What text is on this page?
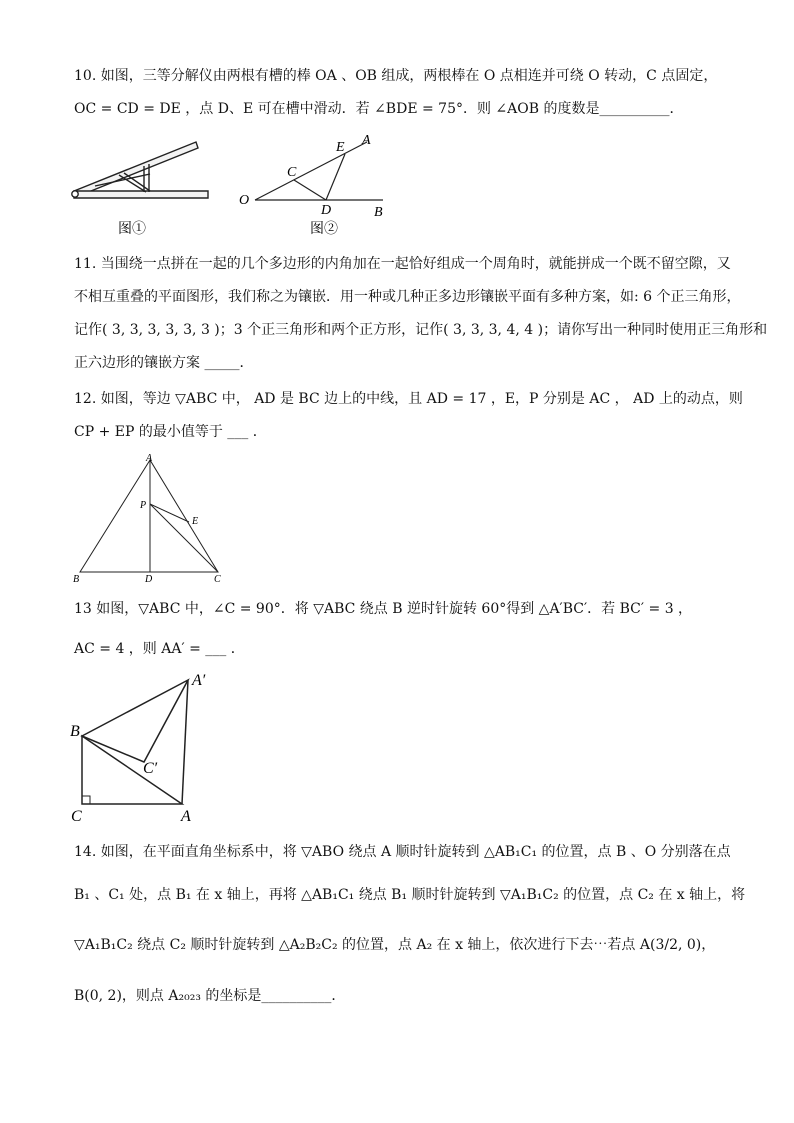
10. 如图，三等分解仪由两根有槽的棒 OA 、OB 组成，两根棒在 O 点相连并可绕 O 转动，C 点固定，
OC = CD = DE ，点 D、E 可在槽中滑动．若 ∠BDE = 75°．则 ∠AOB 的度数是__________．
图①
O
C
D
E A
B
图②
11. 当围绕一点拼在一起的几个多边形的内角加在一起恰好组成一个周角时，就能拼成一个既不留空隙，又
不相互重叠的平面图形，我们称之为镶嵌．用一种或几种正多边形镶嵌平面有多种方案，如: 6 个正三角形，
记作( 3, 3, 3, 3, 3, 3 )；3 个正三角形和两个正方形，记作( 3, 3, 3, 4, 4 )；请你写出一种同时使用正三角形和
正六边形的镶嵌方案 _____．
12. 如图，等边 ▽ABC 中， AD 是 BC 边上的中线，且 AD = 17 ，E，P 分别是 AC ， AD 上的动点，则
CP + EP 的最小值等于 ___ ．
A
B	C
D
P
E
13 如图，▽ABC 中，∠C = 90°．将 ▽ABC 绕点 B 逆时针旋转 60°得到 △A′BC′．若 BC′ = 3 ，
AC = 4 ，则 AA′ = ___ ．
B
C	A
A′
C′
14. 如图，在平面直角坐标系中，将 ▽ABO 绕点 A 顺时针旋转到 △AB₁C₁ 的位置，点 B 、O 分别落在点
B₁ 、C₁ 处，点 B₁ 在 x 轴上，再将 △AB₁C₁ 绕点 B₁ 顺时针旋转到 ▽A₁B₁C₂ 的位置，点 C₂ 在 x 轴上，将
▽A₁B₁C₂ 绕点 C₂ 顺时针旋转到 △A₂B₂C₂ 的位置，点 A₂ 在 x 轴上，依次进行下去⋯若点 A(3/2, 0)，
B(0, 2)，则点 A₂₀₂₃ 的坐标是__________．
